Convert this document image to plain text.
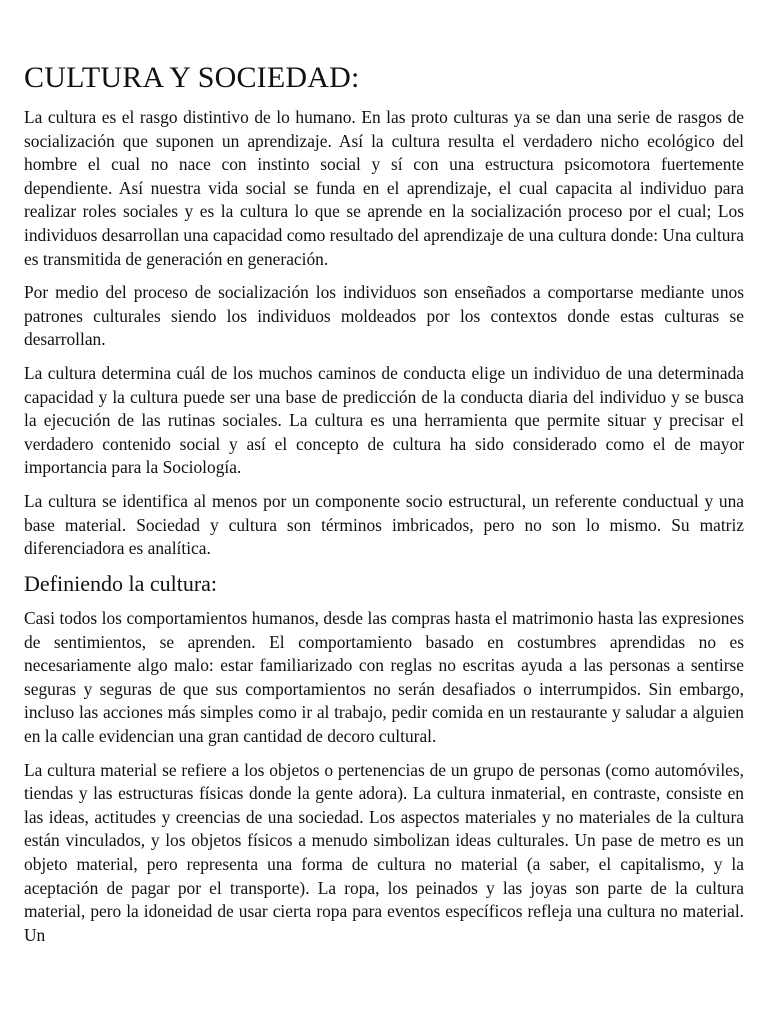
CULTURA Y SOCIEDAD:

La cultura es el rasgo distintivo de lo humano. En las proto culturas ya se dan una serie de rasgos de socialización que suponen un aprendizaje. Así la cultura resulta el verdadero nicho ecológico del hombre el cual no nace con instinto social y sí con una estructura psicomotora fuertemente dependiente. Así nuestra vida social se funda en el aprendizaje, el cual capacita al individuo para realizar roles sociales y es la cultura lo que se aprende en la socialización proceso por el cual; Los individuos desarrollan una capacidad como resultado del aprendizaje de una cultura donde: Una cultura es transmitida de generación en generación.

Por medio del proceso de socialización los individuos son enseñados a comportarse mediante unos patrones culturales siendo los individuos moldeados por los contextos donde estas culturas se desarrollan.

La cultura determina cuál de los muchos caminos de conducta elige un individuo de una determinada capacidad y la cultura puede ser una base de predicción de la conducta diaria del individuo y se busca la ejecución de las rutinas sociales. La cultura es una herramienta que permite situar y precisar el verdadero contenido social y así el concepto de cultura ha sido considerado como el de mayor importancia para la Sociología.

La cultura se identifica al menos por un componente socio estructural, un referente conductual y una base material. Sociedad y cultura son términos imbricados, pero no son lo mismo. Su matriz diferenciadora es analítica.

Definiendo la cultura:

Casi todos los comportamientos humanos, desde las compras hasta el matrimonio hasta las expresiones de sentimientos, se aprenden. El comportamiento basado en costumbres aprendidas no es necesariamente algo malo: estar familiarizado con reglas no escritas ayuda a las personas a sentirse seguras y seguras de que sus comportamientos no serán desafiados o interrumpidos. Sin embargo, incluso las acciones más simples como ir al trabajo, pedir comida en un restaurante y saludar a alguien en la calle evidencian una gran cantidad de decoro cultural.

La cultura material se refiere a los objetos o pertenencias de un grupo de personas (como automóviles, tiendas y las estructuras físicas donde la gente adora). La cultura inmaterial, en contraste, consiste en las ideas, actitudes y creencias de una sociedad. Los aspectos materiales y no materiales de la cultura están vinculados, y los objetos físicos a menudo simbolizan ideas culturales. Un pase de metro es un objeto material, pero representa una forma de cultura no material (a saber, el capitalismo, y la aceptación de pagar por el transporte). La ropa, los peinados y las joyas son parte de la cultura material, pero la idoneidad de usar cierta ropa para eventos específicos refleja una cultura no material. Un
